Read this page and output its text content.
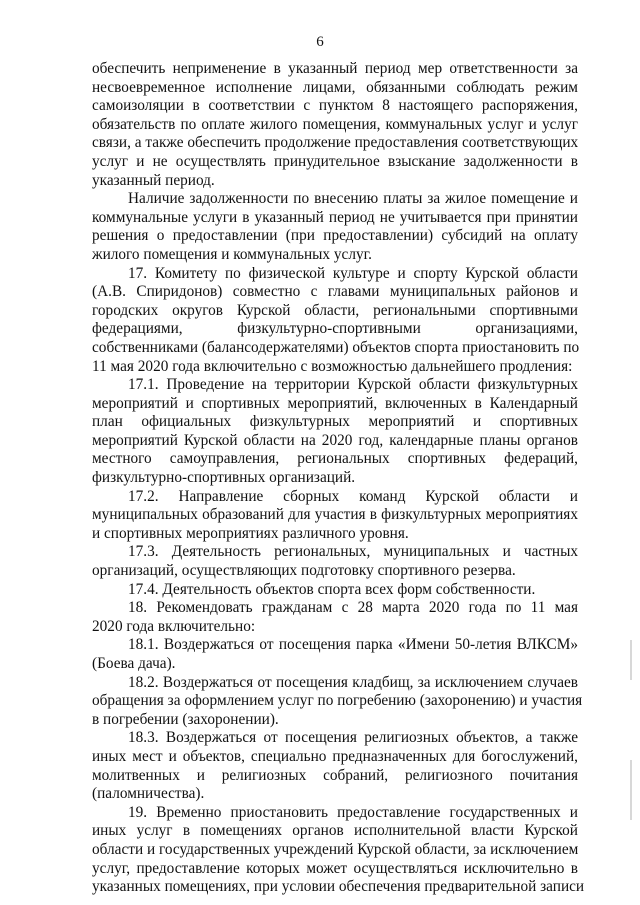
6
обеспечить неприменение в указанный период мер ответственности за
несвоевременное исполнение лицами, обязанными соблюдать режим
самоизоляции в соответствии с пунктом 8 настоящего распоряжения,
обязательств по оплате жилого помещения, коммунальных услуг и услуг
связи, а также обеспечить продолжение предоставления соответствующих
услуг и не осуществлять принудительное взыскание задолженности в
указанный период.
Наличие задолженности по внесению платы за жилое помещение и
коммунальные услуги в указанный период не учитывается при принятии
решения о предоставлении (при предоставлении) субсидий на оплату
жилого помещения и коммунальных услуг.
17. Комитету по физической культуре и спорту Курской области
(А.В. Спиридонов) совместно с главами муниципальных районов и
городских округов Курской области, региональными спортивными
федерациями, физкультурно-спортивными организациями,
собственниками (балансодержателями) объектов спорта приостановить по
11 мая 2020 года включительно с возможностью дальнейшего продления:
17.1. Проведение на территории Курской области физкультурных
мероприятий и спортивных мероприятий, включенных в Календарный
план официальных физкультурных мероприятий и спортивных
мероприятий Курской области на 2020 год, календарные планы органов
местного самоуправления, региональных спортивных федераций,
физкультурно-спортивных организаций.
17.2. Направление сборных команд Курской области и
муниципальных образований для участия в физкультурных мероприятиях
и спортивных мероприятиях различного уровня.
17.3. Деятельность региональных, муниципальных и частных
организаций, осуществляющих подготовку спортивного резерва.
17.4. Деятельность объектов спорта всех форм собственности.
18. Рекомендовать гражданам с 28 марта 2020 года по 11 мая
2020 года включительно:
18.1. Воздержаться от посещения парка «Имени 50-летия ВЛКСМ»
(Боева дача).
18.2. Воздержаться от посещения кладбищ, за исключением случаев
обращения за оформлением услуг по погребению (захоронению) и участия
в погребении (захоронении).
18.3. Воздержаться от посещения религиозных объектов, а также
иных мест и объектов, специально предназначенных для богослужений,
молитвенных и религиозных собраний, религиозного почитания
(паломничества).
19. Временно приостановить предоставление государственных и
иных услуг в помещениях органов исполнительной власти Курской
области и государственных учреждений Курской области, за исключением
услуг, предоставление которых может осуществляться исключительно в
указанных помещениях, при условии обеспечения предварительной записи
